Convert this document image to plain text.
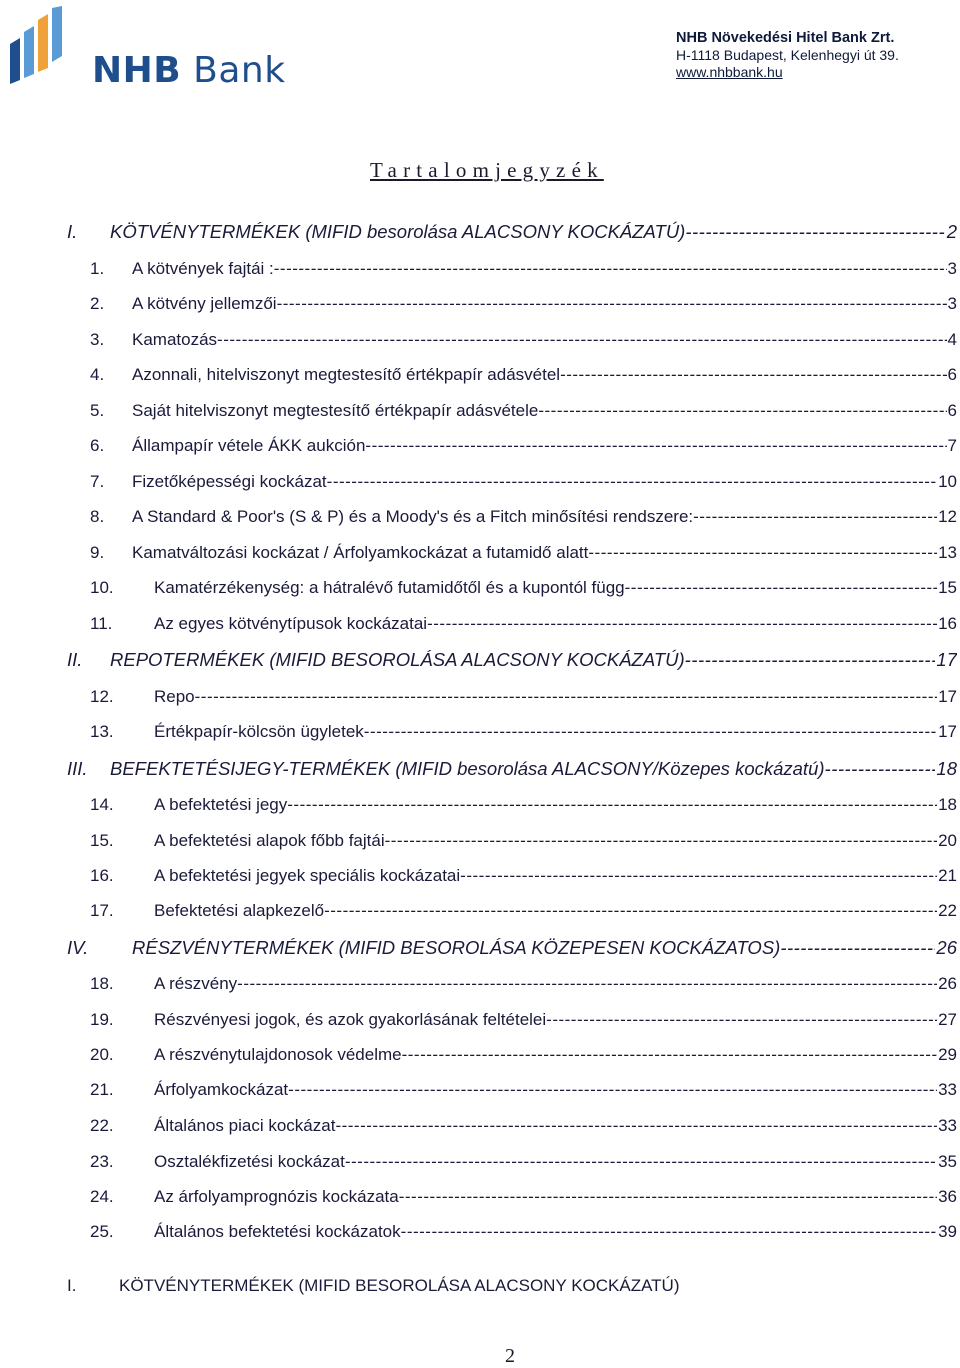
NHB Bank
NHB Növekedési Hitel Bank Zrt.
H-1118 Budapest, Kelenhegyi út 39.
www.nhbbank.hu
Tartalomjegyzék
I.	KÖTVÉNYTERMÉKEK (MIFID besorolása ALACSONY KOCKÁZATÚ) -----	2
1.	A kötvények fajtái : -----	3
2.	A kötvény jellemzői -----	3
3.	Kamatozás -----	4
4.	Azonnali, hitelviszonyt megtestesítő értékpapír adásvétel -----	6
5.	Saját hitelviszonyt megtestesítő értékpapír adásvétele -----	6
6.	Állampapír vétele ÁKK aukción -----	7
7.	Fizetőképességi kockázat -----	10
8.	A Standard & Poor's (S & P) és a Moody's és a Fitch minősítési rendszere: -----	12
9.	Kamatváltozási kockázat / Árfolyamkockázat a futamidő alatt -----	13
10.	Kamatérzékenység: a hátralévő futamidőtől és a kupontól függ -----	15
11.	Az egyes kötvénytípusok kockázatai -----	16
II.	REPOTERMÉKEK (MIFID BESOROLÁSA ALACSONY KOCKÁZATÚ) -----	17
12.	Repo -----	17
13.	Értékpapír-kölcsön ügyletek -----	17
III.	BEFEKTETÉSIJEGY-TERMÉKEK (MIFID besorolása ALACSONY/Közepes kockázatú) -----	18
14.	A befektetési jegy -----	18
15.	A befektetési alapok főbb fajtái -----	20
16.	A befektetési jegyek speciális kockázatai -----	21
17.	Befektetési alapkezelő -----	22
IV.	RÉSZVÉNYTERMÉKEK (MIFID BESOROLÁSA KÖZEPESEN KOCKÁZATOS) -----	26
18.	A részvény -----	26
19.	Részvényesi jogok, és azok gyakorlásának feltételei -----	27
20.	A részvénytulajdonosok védelme -----	29
21.	Árfolyamkockázat -----	33
22.	Általános piaci kockázat -----	33
23.	Osztalékfizetési kockázat -----	35
24.	Az árfolyamprognózis kockázata -----	36
25.	Általános befektetési kockázatok -----	39
I.	KÖTVÉNYTERMÉKEK (MIFID BESOROLÁSA ALACSONY KOCKÁZATÚ)
2
